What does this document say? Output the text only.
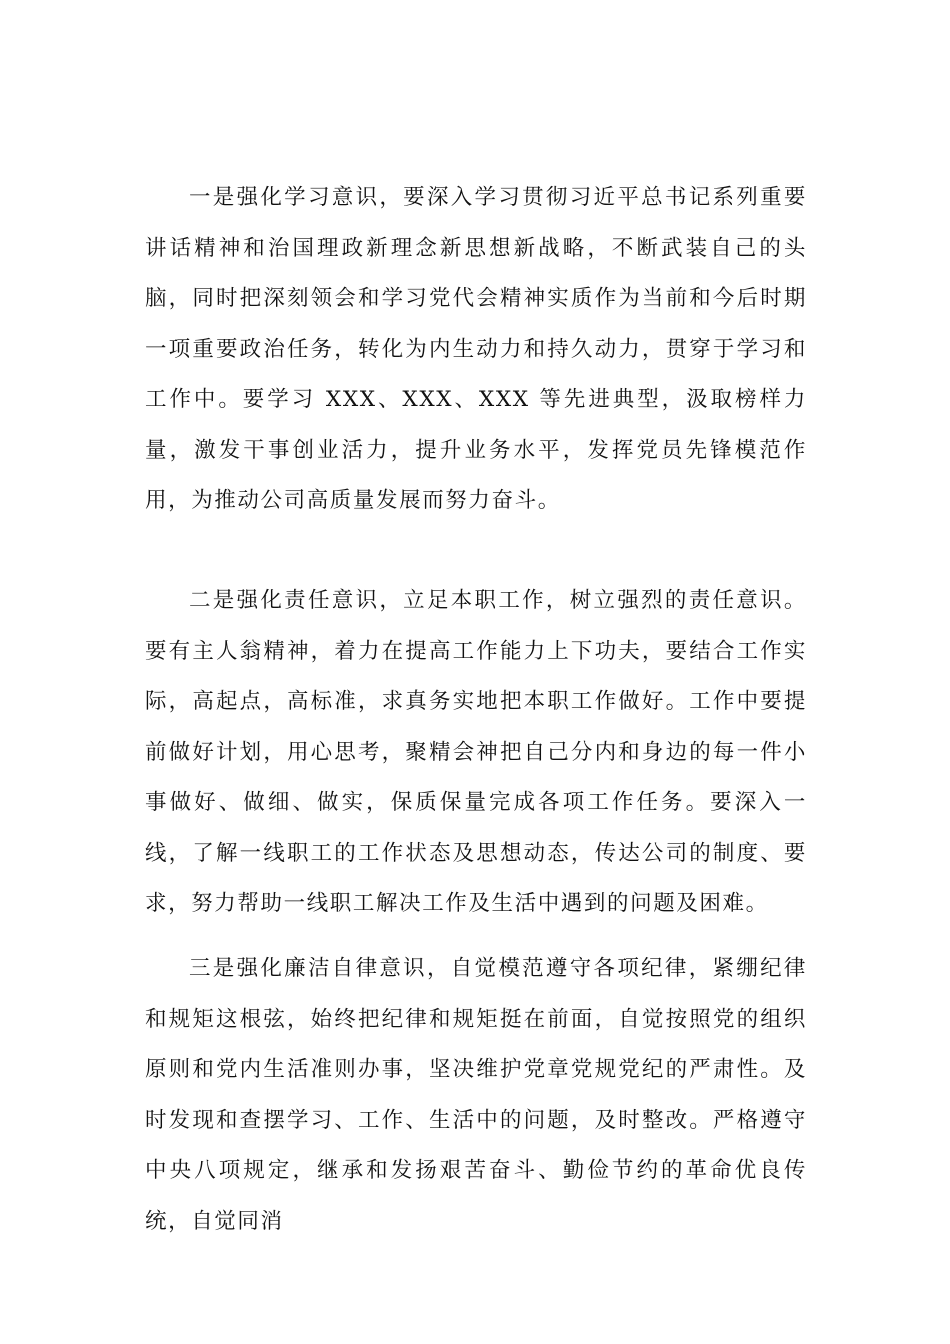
一是强化学习意识，要深入学习贯彻习近平总书记系列重要讲话精神和治国理政新理念新思想新战略，不断武装自己的头脑，同时把深刻领会和学习党代会精神实质作为当前和今后时期一项重要政治任务，转化为内生动力和持久动力，贯穿于学习和工作中。要学习 XXX、XXX、XXX 等先进典型，汲取榜样力量，激发干事创业活力，提升业务水平，发挥党员先锋模范作用，为推动公司高质量发展而努力奋斗。

二是强化责任意识，立足本职工作，树立强烈的责任意识。要有主人翁精神，着力在提高工作能力上下功夫，要结合工作实际，高起点，高标准，求真务实地把本职工作做好。工作中要提前做好计划，用心思考，聚精会神把自己分内和身边的每一件小事做好、做细、做实，保质保量完成各项工作任务。要深入一线，了解一线职工的工作状态及思想动态，传达公司的制度、要求，努力帮助一线职工解决工作及生活中遇到的问题及困难。

三是强化廉洁自律意识，自觉模范遵守各项纪律，紧绷纪律和规矩这根弦，始终把纪律和规矩挺在前面，自觉按照党的组织原则和党内生活准则办事，坚决维护党章党规党纪的严肃性。及时发现和查摆学习、工作、生活中的问题，及时整改。严格遵守中央八项规定，继承和发扬艰苦奋斗、勤俭节约的革命优良传统，自觉同消
